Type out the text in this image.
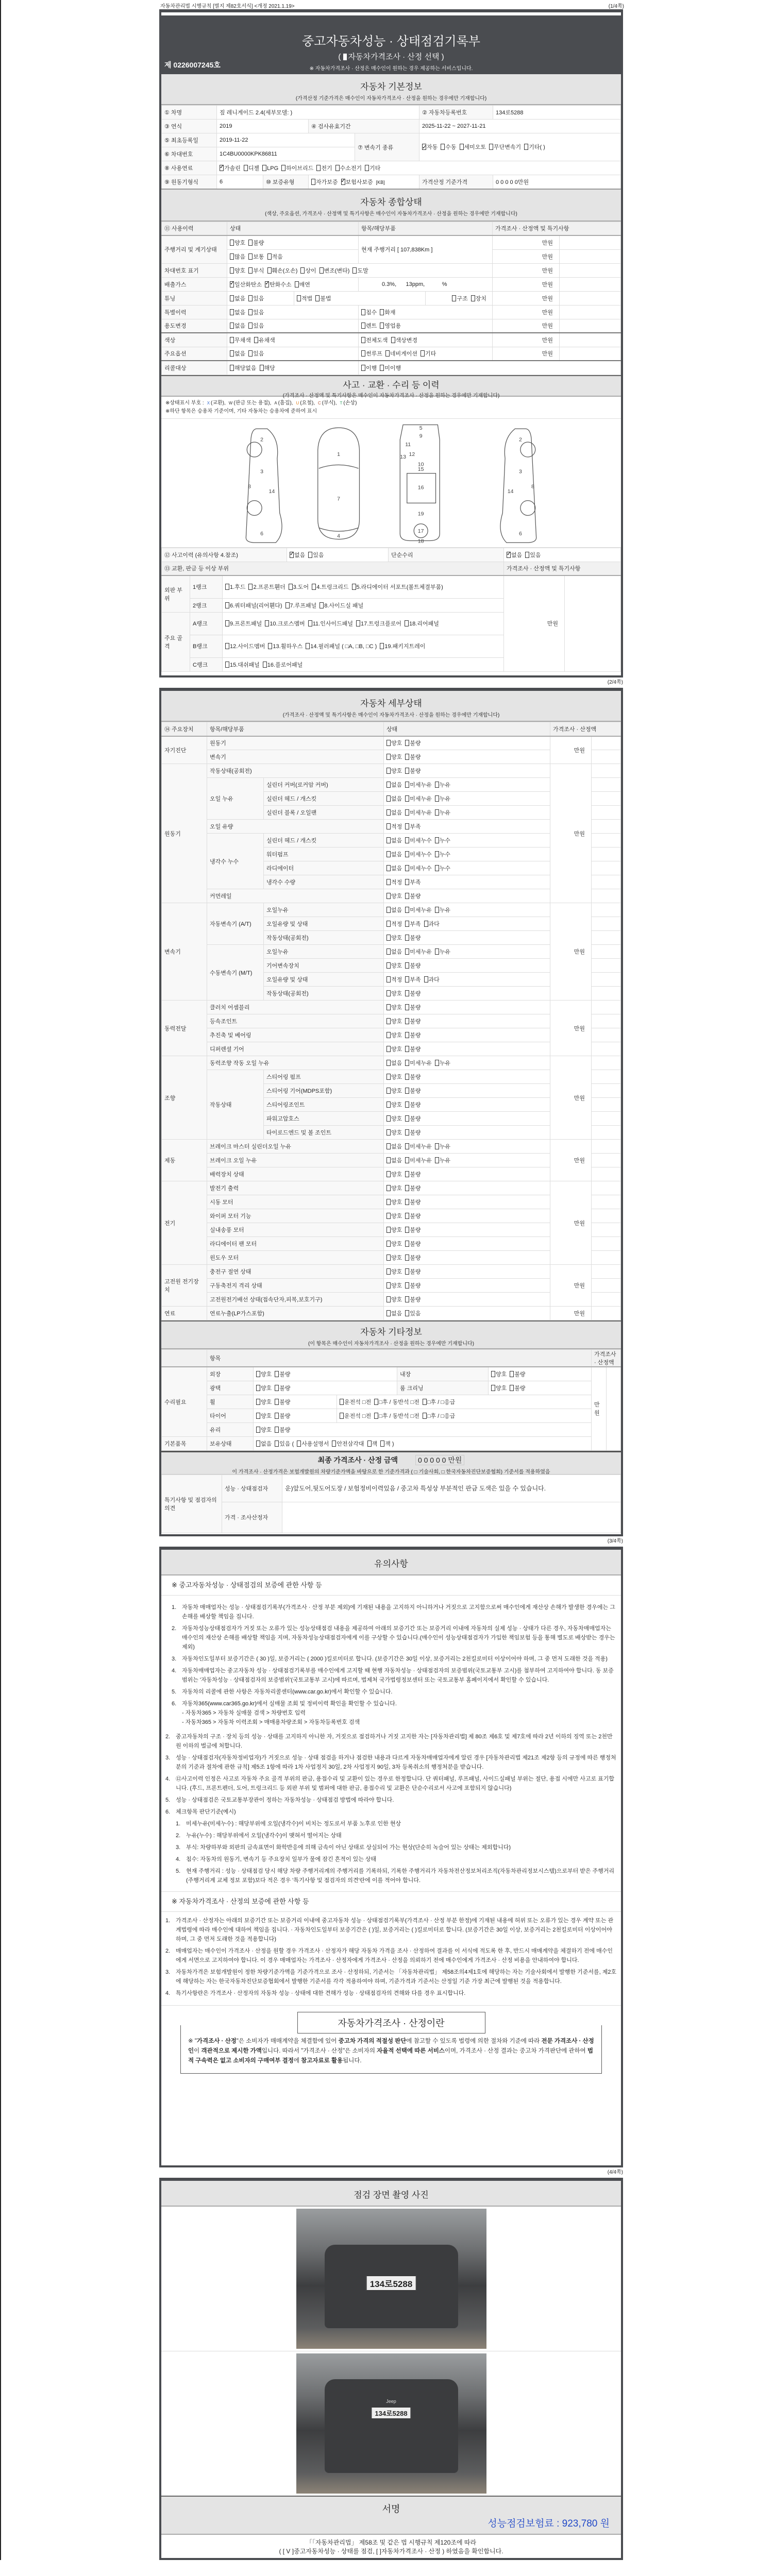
자동차관리법 시행규칙 [별지 제82호서식] <개정 2021.1.19>	(1/4쪽)
중고자동차성능 · 상태점검기록부
( 자동차가격조사 · 산정 선택 )
※ 자동차가격조사 · 산정은 매수인이 원하는 경우 제공하는 서비스입니다.
제 0226007245호
자동차 기본정보

(가격산정 기준가격은 매수인이 자동차가격조사 · 산정을 원하는 경우에만 기재합니다)

① 차명	짚 레니게이드 2.4(세부모델: )				② 자동차등록번호	134로5288
③ 연식	2019		④ 검사유효기간		2025-11-22 ~ 2027-11-21	
⑤ 최초등록일	2019-11-22			⑦ 변속기 종류	✓자동 수동 세미오토 무단변속기 기타( )
⑥ 차대번호	1C4BU0000KPK86811					
⑧ 사용연료	✓가솔린 디젤 LPG 하이브리드 전기 수소전기 기타
⑨ 원동기형식	6	⑩ 보증유형	자가보증 ✓ 보험사보증 [KB]		가격산정 기준가격	0 0 0 0 0만원
자동차 종합상태

(색상, 주요옵션, 가격조사 · 산정액 및 특기사항은 매수인이 자동차가격조사 · 산정을 원하는 경우에만 기재합니다)

⑪ 사용이력	상태		항목/해당부품		가격조사 · 산정액 및 특기사항	
주행거리 및 계기상태	양호 불량		현재 주행거리 [ 107,838Km ]		만원	
	많음 보통 적음				만원	
차대번호 표기	양호 부식 훼손(오손) 상이 변조(변타) 도말				만원	
배출가스	✓일산화탄소 ✓ 탄화수소 매연		0.3%,      13ppm,           %		만원	
튜닝	없음 있음	적법 불법		구조 장치	만원	
특별이력	없음 있음		침수 화재		만원	
용도변경	없음 있음		렌트 영업용		만원	
색상	무채색 유채색		전체도색 색상변경		만원	
주요옵션	없음 있음		썬루프 네비게이션 기타		만원	
리콜대상	해당없음 해당		이행 미이행			
사고 · 교환 · 수리 등 이력

(가격조사 · 산정액 및 특기사항은 매수인이 자동차가격조사 · 산정을 원하는 경우에만 기재합니다)

※상태표시 부호 : X (교환), W (판금 또는 용접), A (흠집), U (요철), C (부식), T (손상)
※하단 항목은 승용차 기준이며, 기타 자동차는 승용차에 준하여 표시
1
2	2
3	3
4
5
6	6
7
8	8
9
10
11
12
13
14	14
15
16
17
18
19
⑫ 사고이력 (유의사항 4.참조)	✓없음 있음	단순수리	✓없음 있음
⑬ 교환, 판금 등 이상 부위					가격조사 · 산정액 및 특기사항	
외판 부위	1랭크	1.후드 2.프론트휀더 3.도어 4.트렁크리드 5.라디에이터 서포트(볼트체결부품)			만원	
	2랭크	6.쿼터패널(리어휀다) 7.루프패널 8.사이드실 패널				
주요 골격	A랭크	9.프론트패널 10.크로스멤버 11.인사이드패널 17.트렁크플로어 18.리어패널				
	B랭크	12.사이드멤버 13.휠하우스 14.필러패널 ( □A, □B, □C ) 19.패키지트레이				
	C랭크	15.대쉬패널 16.플로어패널				
(2/4쪽)
자동차 세부상태

(가격조사 · 산정액 및 특기사항은 매수인이 자동차가격조사 · 산정을 원하는 경우에만 기재합니다)

⑭ 주요장치	항목/해당부품		상태	가격조사 · 산정액	
자기진단	원동기		양호 불량	만원	
	변속기		양호 불량		
원동기	작동상태(공회전)		양호 불량	만원	
	오일 누유	실린더 커버(로커암 커버)	없음 미세누유 누유		
		실린더 헤드 / 개스킷	없음 미세누유 누유		
		실린더 블록 / 오일팬	없음 미세누유 누유		
	오일 유량		적정 부족		
	냉각수 누수	실린더 헤드 / 개스킷	없음 미세누수 누수		
		워터펌프	없음 미세누수 누수		
		라디에이터	없음 미세누수 누수		
		냉각수 수량	적정 부족		
	커먼레일		양호 불량		
변속기	자동변속기 (A/T)	오일누유	없음 미세누유 누유	만원	
		오일유량 및 상태	적정 부족 과다		
		작동상태(공회전)	양호 불량		
	수동변속기 (M/T)	오일누유	없음 미세누유 누유		
		기어변속장치	양호 불량		
		오일유량 및 상태	적정 부족 과다		
		작동상태(공회전)	양호 불량		
동력전달	클러치 어셈블리		양호 불량	만원	
	등속조인트		양호 불량		
	추진축 및 베어링		양호 불량		
	디퍼렌셜 기어		양호 불량		
조향	동력조향 작동 오일 누유		없음 미세누유 누유	만원	
	작동상태	스티어링 펌프	양호 불량		
		스티어링 기어(MDPS포함)	양호 불량		
		스티어링조인트	양호 불량		
		파워고압호스	양호 불량		
		타이로드엔드 및 볼 조인트	양호 불량		
제동	브레이크 마스터 실린더오일 누유		없음 미세누유 누유	만원	
	브레이크 오일 누유		없음 미세누유 누유		
	배력장치 상태		양호 불량		
전기	발전기 출력		양호 불량	만원	
	시동 모터		양호 불량		
	와이퍼 모터 기능		양호 불량		
	실내송풍 모터		양호 불량		
	라디에이터 팬 모터		양호 불량		
	윈도우 모터		양호 불량		
고전원 전기장치	충전구 절연 상태		양호 불량	만원	
	구동축전지 격리 상태		양호 불량		
	고전원전기배선 상태(접속단자,피복,보호기구)		양호 불량		
연료	연료누출(LP가스포함)		없음 있음	만원	
자동차 기타정보

(이 항목은 매수인이 자동차가격조사 · 산정을 원하는 경우에만 기재합니다)

	항목					가격조사 · 산정액	
수리필요	외장	양호 불량		내장	양호 불량	만원	
	광택	양호 불량		룸 크리닝	양호 불량		
	휠	양호 불량	운전석 □전 □후 / 동반석 □전 □후 / □응급				
	타이어	양호 불량	운전석 □전 □후 / 동반석 □전 □후 / □응급				
	유리	양호 불량					
기본품목	보유상태	없음 있음 ( 사용설명서 안전삼각대 잭 잭 )					
최종 가격조사 · 산정 금액	0 0 0 0 0 만원

이 가격조사 · 산정가격은 보험개발원의 차량기준가액을 바탕으로 한 기준가격과 ( □ 기술사회, □ 한국자동차진단보증협회) 기준서를 적용하였음

특기사항 및 점검자의 의견	성능 · 상태점검자	운)앞도어,뒷도어도장 / 보험정비이력있음 / 중고차 특성상 부분적인 판금 도색은 있을 수 있습니다.
	가격 · 조사산정자	
(3/4쪽)
유의사항
※ 중고자동차성능 · 상태점검의 보증에 관한 사항 등
1. 자동차 매매업자는 성능 · 상태점검기록부(가격조사 · 산정 부분 제외)에 기재된 내용을 고지하지 아니하거나 거짓으로 고지함으로써 매수인에게 재산상 손해가 발생한 경우에는 그 손해를 배상할 책임을 집니다.
2. 자동차성능상태점검자가 거짓 또는 오류가 있는 성능상태점검 내용을 제공하여 아래의 보증기간 또는 보증거리 이내에 자동차의 실제 성능 · 상태가 다른 경우, 자동차매매업자는 매수인의 재산상 손해를 배상할 책임을 지며, 자동차성능상태점검자에게 이를 구상할 수 있습니다.(매수인이 성능상태점검자가 가입한 책임보험 등을 통해 별도로 배상받는 경우는 제외)
3. 자동차인도일부터 보증기간은 ( 30 )일, 보증거리는 ( 2000 )킬로미터로 합니다. (보증기간은 30일 이상, 보증거리는 2천킬로미터 이상이어야 하며, 그 중 먼저 도래한 것을 적용)
4. 자동차매매업자는 중고자동차 성능 · 상태점검기록부를 매수인에게 고지할 때 현행 자동차성능 · 상태점검자의 보증범위(국토교통부 고시)를 첨부하여 고지하여야 합니다. 동 보증범위는 '자동차성능 · 상태점검자의 보증범위'(국토교통부 고시)에 따르며, 법제처 국가법령정보센터 또는 국토교통부 홈페이지에서 확인할 수 있습니다.
5. 자동차의 리콜에 관한 사항은 자동차리콜센터(www.car.go.kr)에서 확인할 수 있습니다.
6. 자동차365(www.car365.go.kr)에서 실매물 조회 및 정비이력 확인을 확인할 수 있습니다.
- 자동차365 > 자동차 실매물 검색 > 차량번호 입력
- 자동차365 > 자동차 이력조회 > 매매용차량조회 > 자동차등록번호 검색
2. 중고자동차의 구조 · 장치 등의 성능 · 상태를 고지하지 아니한 자, 거짓으로 점검하거나 거짓 고지한 자는 [자동차관리법] 제 80조 제6호 및 제7호에 따라 2년 이하의 징역 또는 2천만원 이하의 벌금에 처합니다.
3. 성능 · 상태점검자(자동차정비업자)가 거짓으로 성능 · 상태 점검을 하거나 점검한 내용과 다르게 자동차매매업자에게 알린 경우 [자동차관리법 제21조 제2항 등의 규정에 따른 행정처분의 기준과 절차에 관한 규칙] 제5조 1항에 따라 1차 사업정지 30일, 2차 사업정지 90일, 3차 등록취소의 행정처분을 받습니다.
4. ⑫사고이력 인정은 사고로 자동차 주요 골격 부위의 판금, 용접수리 및 교환이 있는 경우로 한정합니다. 단 쿼터패널, 루프패널, 사이드실패널 부위는 절단, 용접 시에만 사고로 표기합니다. (후드, 프론트펜더, 도어, 트렁크리드 등 외판 부위 및 범퍼에 대한 판금, 용접수리 및 교환은 단순수리로서 사고에 포함되지 않습니다)
5. 성능 · 상태점검은 국토교통부장관이 정하는 자동차성능 · 상태점검 방법에 따라야 합니다.
6. 체크항목 판단기준(예시)
1. 미세누유(미세누수) : 해당부위에 오일(냉각수)이 비치는 정도로서 부품 노후로 인한 현상
2. 누유(누수) : 해당부위에서 오일(냉각수)이 맺혀서 떨어지는 상태
3. 부식: 차량하부와 외판의 금속표면이 화학반응에 의해 금속이 아닌 상태로 상실되어 가는 현상(단순히 녹슬어 있는 상태는 제외합니다)
4. 침수: 자동차의 원동기, 변속기 등 주요장치 일부가 물에 잠긴 흔적이 있는 상태
5. 현재 주행거리 : 성능 · 상태점검 당시 해당 차량 주행거리계의 주행거리를 기록하되, 기록한 주행거리가 자동차전산정보처리조직(자동차관리정보시스템)으로부터 받은 주행거리(주행거리계 교체 정보 포함)보다 적은 경우 '특기사항 및 점검자의 의견'란에 이를 적어야 합니다.
※ 자동차가격조사 · 산정의 보증에 관한 사항 등
1. 가격조사 · 산정자는 아래의 보증기간 또는 보증거리 이내에 중고자동차 성능 · 상태점검기록부(가격조사 · 산정 부분 한정)에 기재된 내용에 허위 또는 오류가 있는 경우 계약 또는 관계법령에 따라 매수인에 대하여 책임을 집니다. · 자동차인도일부터 보증기간은 ( )일, 보증거리는 ( )킬로미터로 합니다. (보증기간은 30일 이상, 보증거리는 2천킬로미터 이상이어야 하며, 그 중 먼저 도래한 것을 적용합니다)
2. 매매업자는 매수인이 가격조사 · 산정을 원할 경우 가격조사 · 산정자가 해당 자동차 가격을 조사 · 산정하여 결과를 이 서식에 적도록 한 후, 반드시 매매계약을 체결하기 전에 매수인에게 서면으로 고지하여야 합니다. 이 경우 매매업자는 가격조사 · 산정자에게 가격조사 · 산정을 의뢰하기 전에 매수인에게 가격조사 · 산정 비용을 안내하여야 합니다.
3. 자동차가격은 보험개발원이 정한 차량기준가액을 기준가격으로 조사 · 산정하되, 기준서는 「자동차관리법」 제58조의4제1호에 해당하는 자는 기술사회에서 발행한 기준서를, 제2호에 해당하는 자는 한국자동차진단보증협회에서 발행한 기준서를 각각 적용하여야 하며, 기준가격과 기준서는 산정일 기준 가장 최근에 발행된 것을 적용합니다.
4. 특기사항란은 가격조사 · 산정자의 자동차 성능 · 상태에 대한 견해가 성능 · 상태점검자의 견해와 다를 경우 표시합니다.
자동차가격조사 · 산정이란
※ "가격조사 · 산정"은 소비자가 매매계약을 체결함에 있어 중고차 가격의 적절성 판단에 참고할 수 있도록 법령에 의한 절차와 기준에 따라 전문 가격조사 · 산정인이 객관적으로 제시한 가액입니다. 따라서 "가격조사 · 산정"은 소비자의 자율적 선택에 따른 서비스이며, 가격조사 · 산정 결과는 중고차 가격판단에 관하여 법적 구속력은 없고 소비자의 구매여부 결정에 참고자료로 활용됩니다.
(4/4쪽)
점검 장면 촬영 사진
134로5288
Jeep
134로5288
서명
성능점검보험료 : 923,780 원
「「자동차관리법」 제58조 및 같은 법 시행규칙 제120조에 따라
( [ V ]중고자동차성능 · 상태를 점검, [ ]자동차가격조사 · 산정 ) 하였음을 확인합니다.
